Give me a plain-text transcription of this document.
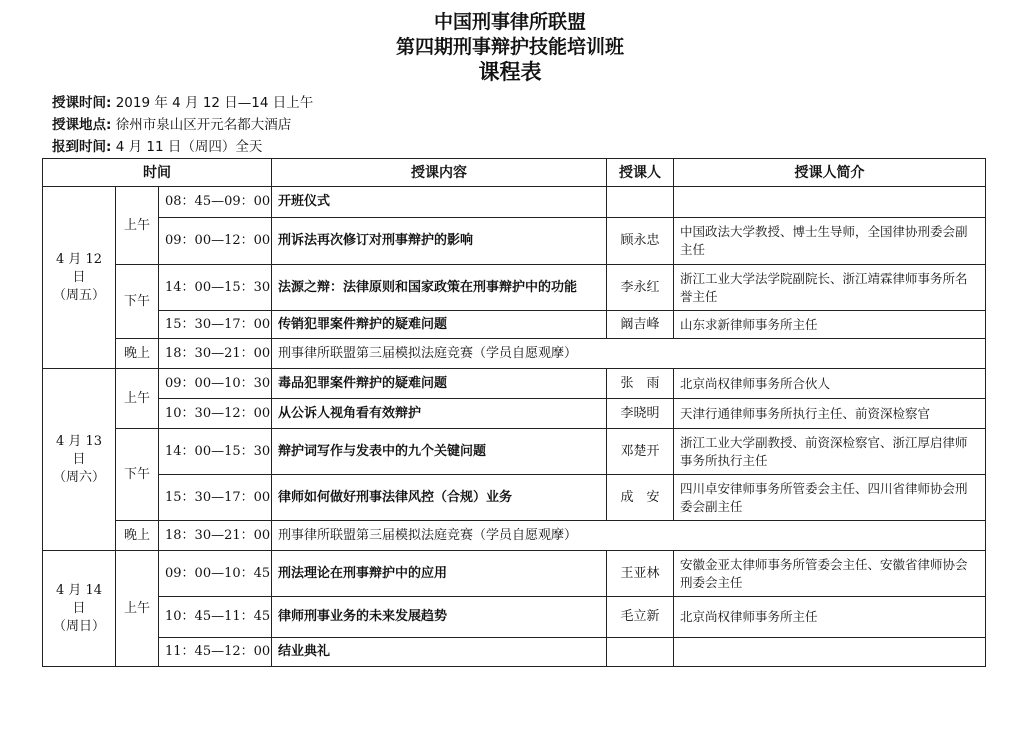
中国刑事律所联盟
第四期刑事辩护技能培训班
课程表
授课时间: 2019 年 4 月 12 日—14 日上午
授课地点: 徐州市泉山区开元名都大酒店
报到时间: 4 月 11 日（周四）全天
时间			授课内容	授课人	授课人简介
4 月 12 日
（周五）	上午	08：45—09：00	开班仪式		
		09：00—12：00	刑诉法再次修订对刑事辩护的影响	顾永忠	中国政法大学教授、博士生导师，全国律协刑委会副主任
	下午	14：00—15：30	法源之辩：法律原则和国家政策在刑事辩护中的功能	李永红	浙江工业大学法学院副院长、浙江靖霖律师事务所名誉主任
		15：30—17：00	传销犯罪案件辩护的疑难问题	阚吉峰	山东求新律师事务所主任
	晚上	18：30—21：00	刑事律所联盟第三届模拟法庭竞赛（学员自愿观摩）		
4 月 13 日
（周六）	上午	09：00—10：30	毒品犯罪案件辩护的疑难问题	张　雨	北京尚权律师事务所合伙人
		10：30—12：00	从公诉人视角看有效辩护	李晓明	天津行通律师事务所执行主任、前资深检察官
	下午	14：00—15：30	辩护词写作与发表中的九个关键问题	邓楚开	浙江工业大学副教授、前资深检察官、浙江厚启律师事务所执行主任
		15：30—17：00	律师如何做好刑事法律风控（合规）业务	成　安	四川卓安律师事务所管委会主任、四川省律师协会刑委会副主任
	晚上	18：30—21：00	刑事律所联盟第三届模拟法庭竞赛（学员自愿观摩）		
4 月 14 日
（周日）	上午	09：00—10：45	刑法理论在刑事辩护中的应用	王亚林	安徽金亚太律师事务所管委会主任、安徽省律师协会刑委会主任
		10：45—11：45	律师刑事业务的未来发展趋势	毛立新	北京尚权律师事务所主任
		11：45—12：00	结业典礼		
